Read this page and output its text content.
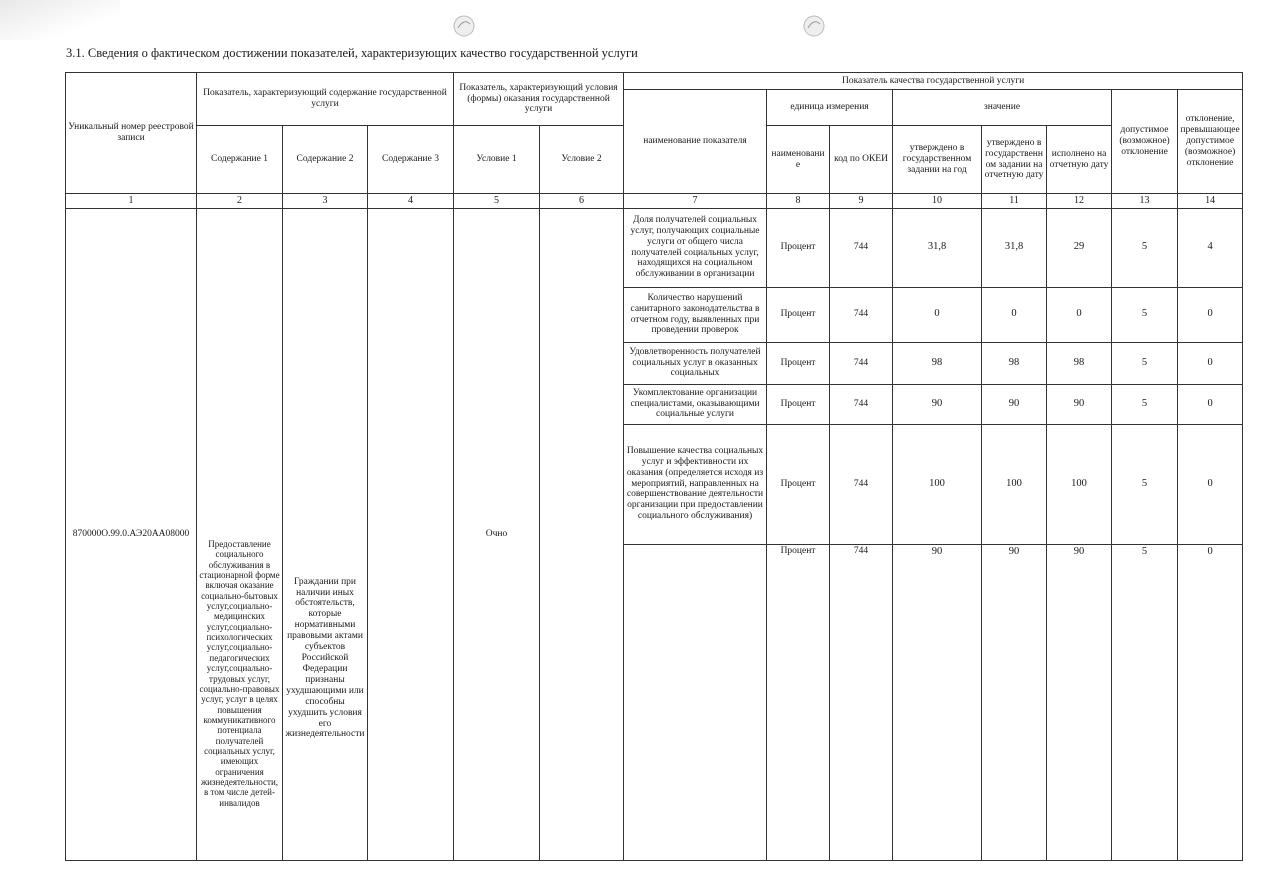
3.1. Сведения о фактическом достижении показателей, характеризующих качество государственной услуги
Уникальный номер реестровой записи	Показатель, характеризующий содержание государственной услуги			Показатель, характеризующий условия (формы) оказания государственной услуги		Показатель качества государственной услуги							
						наименование показателя	единица измерения		значение			допустимое (возможное) отклонение	отклонение, превышающее допустимое (возможное) отклонение
	Содержание 1	Содержание 2	Содержание 3	Условие 1	Условие 2		наименовани е	код по ОКЕИ	утверждено в государственном задании на год	утверждено в государственн ом задании на отчетную дату	исполнено на отчетную дату		
1	2	3	4	5	6	7	8	9	10	11	12	13	14
870000О.99.0.АЭ20АА08000	Предоставление социального обслуживания в стационарной форме включая оказание социально-бытовых услуг,социально-медицинских услуг,социально-психологических услуг,социально-педагогических услуг,социально-трудовых услуг, социально-правовых услуг, услуг в целях повышения коммуникативного потенциала получателей социальных услуг, имеющих ограничения жизнедеятельности, в том числе детей-инвалидов	Граждании при наличии иных обстоятельств, которые нормативными правовыми актами субъектов Российской Федерации признаны ухудшающими или способны ухудшить условия его жизнедеятельности		Очно		Доля получателей социальных услуг, получающих социальные услуги от общего числа получателей социальных услуг, находящихся на социальном обслуживании в организации	Процент	744	31,8	31,8	29	5	4
						Количество нарушений санитарного законодательства в отчетном году, выявленных при проведении проверок	Процент	744	0	0	0	5	0
						Удовлетворенность получателей социальных услуг в оказанных социальных	Процент	744	98	98	98	5	0
						Укомплектование организации специалистами, оказывающими социальные услуги	Процент	744	90	90	90	5	0
						Повышение качества социальных услуг и эффективности их оказания (определяется исходя из мероприятий, направленных на совершенствование деятельности организации при предоставлении социального обслуживания)	Процент	744	100	100	100	5	0
							Процент	744	90	90	90	5	0
